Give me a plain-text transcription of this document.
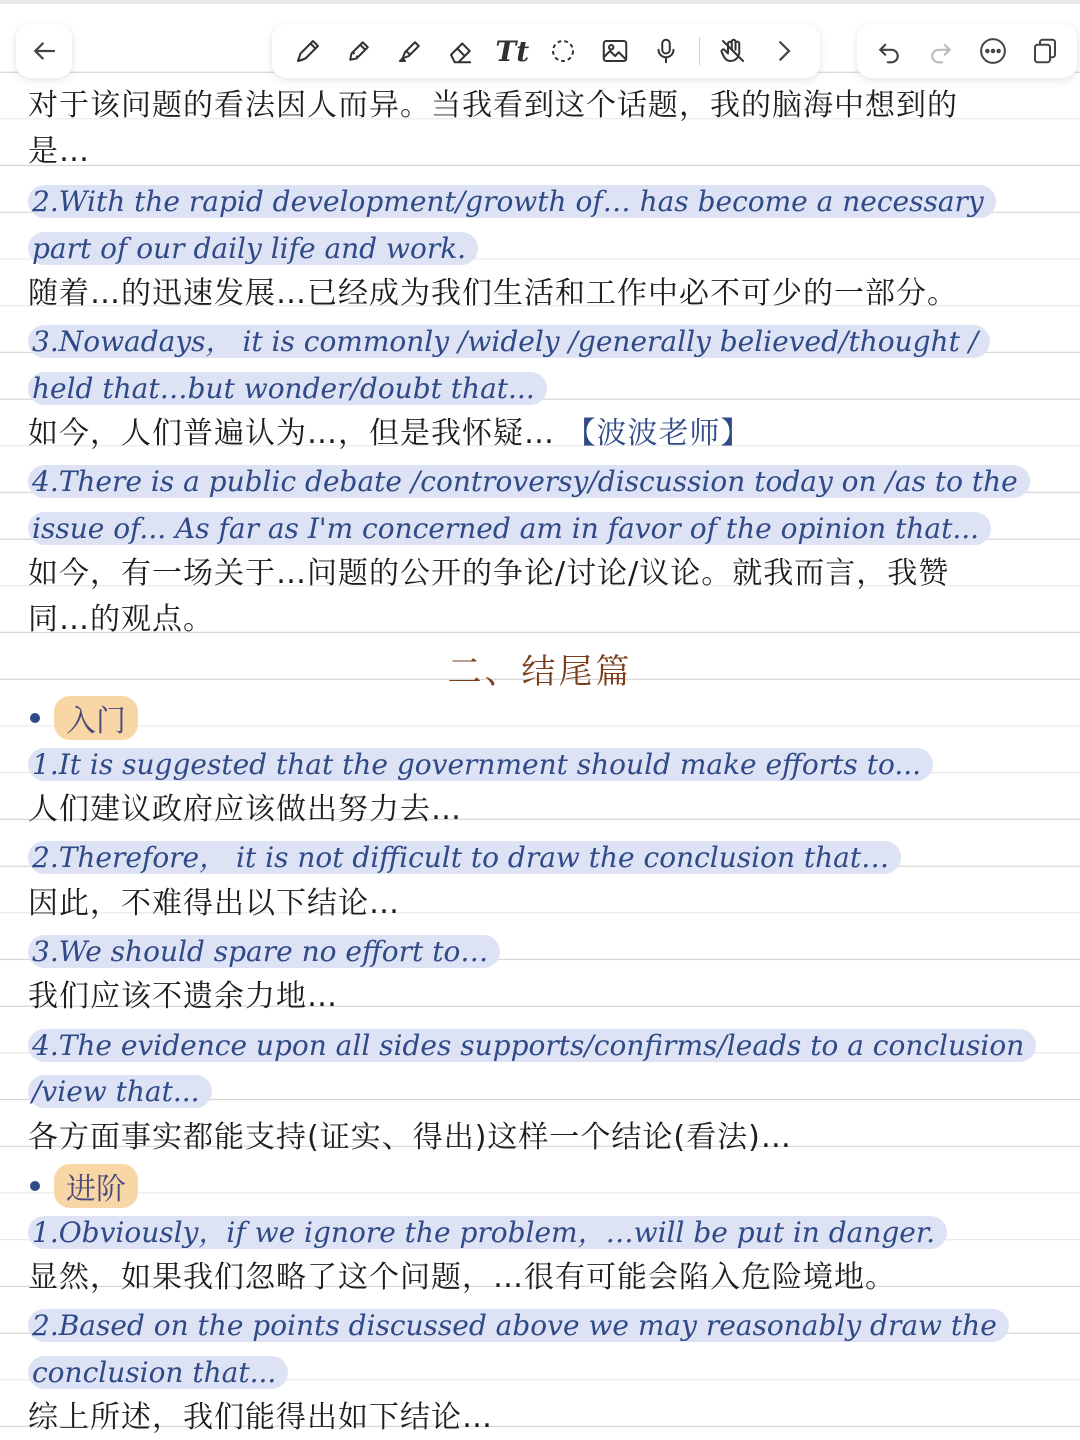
Tt
对于该问题的看法因人而异。当我看到这个话题，我的脑海中想到的
是…
2.With the rapid development/growth of… has become a necessary
part of our daily life and work.
随着…的迅速发展…已经成为我们生活和工作中必不可少的一部分。
3.Nowadays， it is commonly /widely /generally believed/thought /
held that…but wonder/doubt that...
如今，人们普遍认为…，但是我怀疑… 【波波老师】
4.There is a public debate /controversy/discussion today on /as to the
issue of... As far as I'm concerned am in favor of the opinion that...
如今，有一场关于…问题的公开的争论/讨论/议论。就我而言，我赞
同…的观点。
二、结尾篇
入门
1.It is suggested that the government should make efforts to...
人们建议政府应该做出努力去…
2.Therefore， it is not difficult to draw the conclusion that…
因此，不难得出以下结论…
3.We should spare no effort to…
我们应该不遗余力地…
4.The evidence upon all sides supports/confirms/leads to a conclusion
/view that...
各方面事实都能支持(证实、得出)这样一个结论(看法)…
进阶
1.Obviously，if we ignore the problem，…will be put in danger.
显然，如果我们忽略了这个问题，…很有可能会陷入危险境地。
2.Based on the points discussed above we may reasonably draw the
conclusion that...
综上所述，我们能得出如下结论…
